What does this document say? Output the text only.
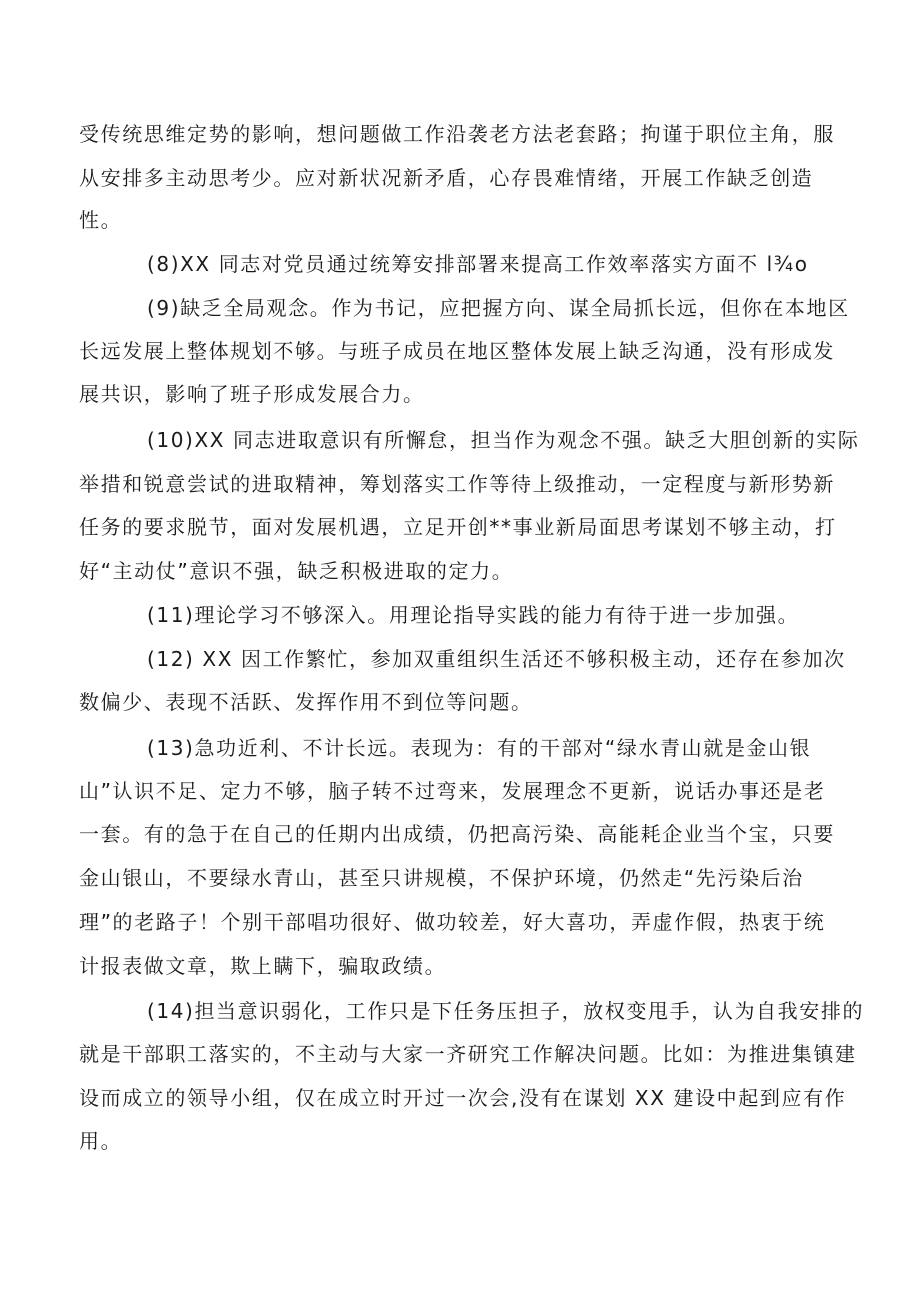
受传统思维定势的影响，想问题做工作沿袭老方法老套路；拘谨于职位主角，服
从安排多主动思考少。应对新状况新矛盾，心存畏难情绪，开展工作缺乏创造
性。
(8)XX 同志对党员通过统筹安排部署来提高工作效率落实方面不 l¾o
(9)缺乏全局观念。作为书记，应把握方向、谋全局抓长远，但你在本地区
长远发展上整体规划不够。与班子成员在地区整体发展上缺乏沟通，没有形成发
展共识，影响了班子形成发展合力。
(10)XX 同志进取意识有所懈怠，担当作为观念不强。缺乏大胆创新的实际
举措和锐意尝试的进取精神，筹划落实工作等待上级推动，一定程度与新形势新
任务的要求脱节，面对发展机遇，立足开创**事业新局面思考谋划不够主动，打
好“主动仗”意识不强，缺乏积极进取的定力。
(11)理论学习不够深入。用理论指导实践的能力有待于进一步加强。
(12) XX 因工作繁忙，参加双重组织生活还不够积极主动，还存在参加次
数偏少、表现不活跃、发挥作用不到位等问题。
(13)急功近利、不计长远。表现为：有的干部对“绿水青山就是金山银
山”认识不足、定力不够，脑子转不过弯来，发展理念不更新，说话办事还是老
一套。有的急于在自己的任期内出成绩，仍把高污染、高能耗企业当个宝，只要
金山银山，不要绿水青山，甚至只讲规模，不保护环境，仍然走“先污染后治
理”的老路子！个别干部唱功很好、做功较差，好大喜功，弄虚作假，热衷于统
计报表做文章，欺上瞒下，骗取政绩。
(14)担当意识弱化，工作只是下任务压担子，放权变甩手，认为自我安排的
就是干部职工落实的，不主动与大家一齐研究工作解决问题。比如：为推进集镇建
设而成立的领导小组，仅在成立时开过一次会,没有在谋划 XX 建设中起到应有作
用。
